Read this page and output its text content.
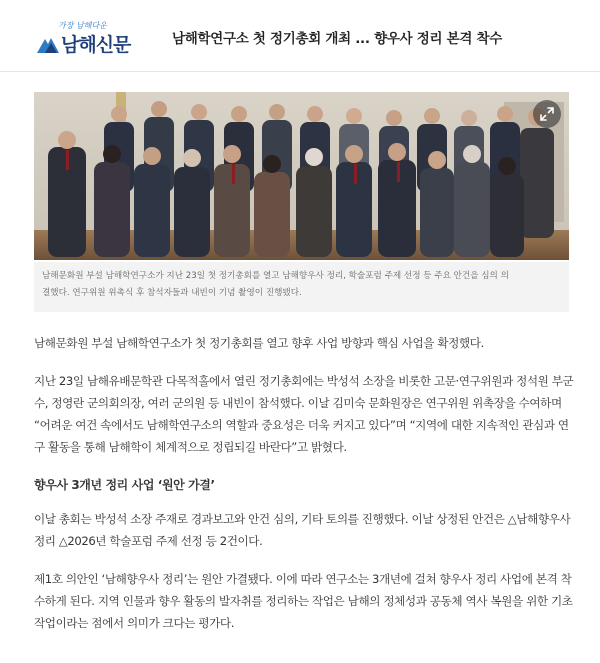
가장 남해다운
남해신문	남해학연구소 첫 정기총회 개최 ... 향우사 정리 본격 착수
남해문화원 부설 남해학연구소가 지난 23일 첫 정기총회를 열고 남해향우사 정리, 학술포럼 주제 선정 등 주요 안건을 심의 의
결했다. 연구위원 위촉식 후 참석자들과 내빈이 기념 촬영이 진행됐다.

남해문화원 부설 남해학연구소가 첫 정기총회를 열고 향후 사업 방향과 핵심 사업을 확정했다.

지난 23일 남해유배문학관 다목적홀에서 열린 정기총회에는 박성석 소장을 비롯한 고문·연구위원과 정석원 부군수, 정영란 군의회의장, 여러 군의원 등 내빈이 참석했다. 이날 김미숙 문화원장은 연구위원 위촉장을 수여하며 “어려운 여건 속에서도 남해학연구소의 역할과 중요성은 더욱 커지고 있다”며 “지역에 대한 지속적인 관심과 연구 활동을 통해 남해학이 체계적으로 정립되길 바란다”고 밝혔다.

향우사 3개년 정리 사업 ‘원안 가결’

이날 총회는 박성석 소장 주재로 경과보고와 안건 심의, 기타 토의를 진행했다. 이날 상정된 안건은 △남해향우사 정리 △2026년 학술포럼 주제 선정 등 2건이다.

제1호 의안인 ‘남해향우사 정리’는 원안 가결됐다. 이에 따라 연구소는 3개년에 걸쳐 향우사 정리 사업에 본격 착수하게 된다. 지역 인물과 향우 활동의 발자취를 정리하는 작업은 남해의 정체성과 공동체 역사 복원을 위한 기초 작업이라는 점에서 의미가 크다는 평가다.
